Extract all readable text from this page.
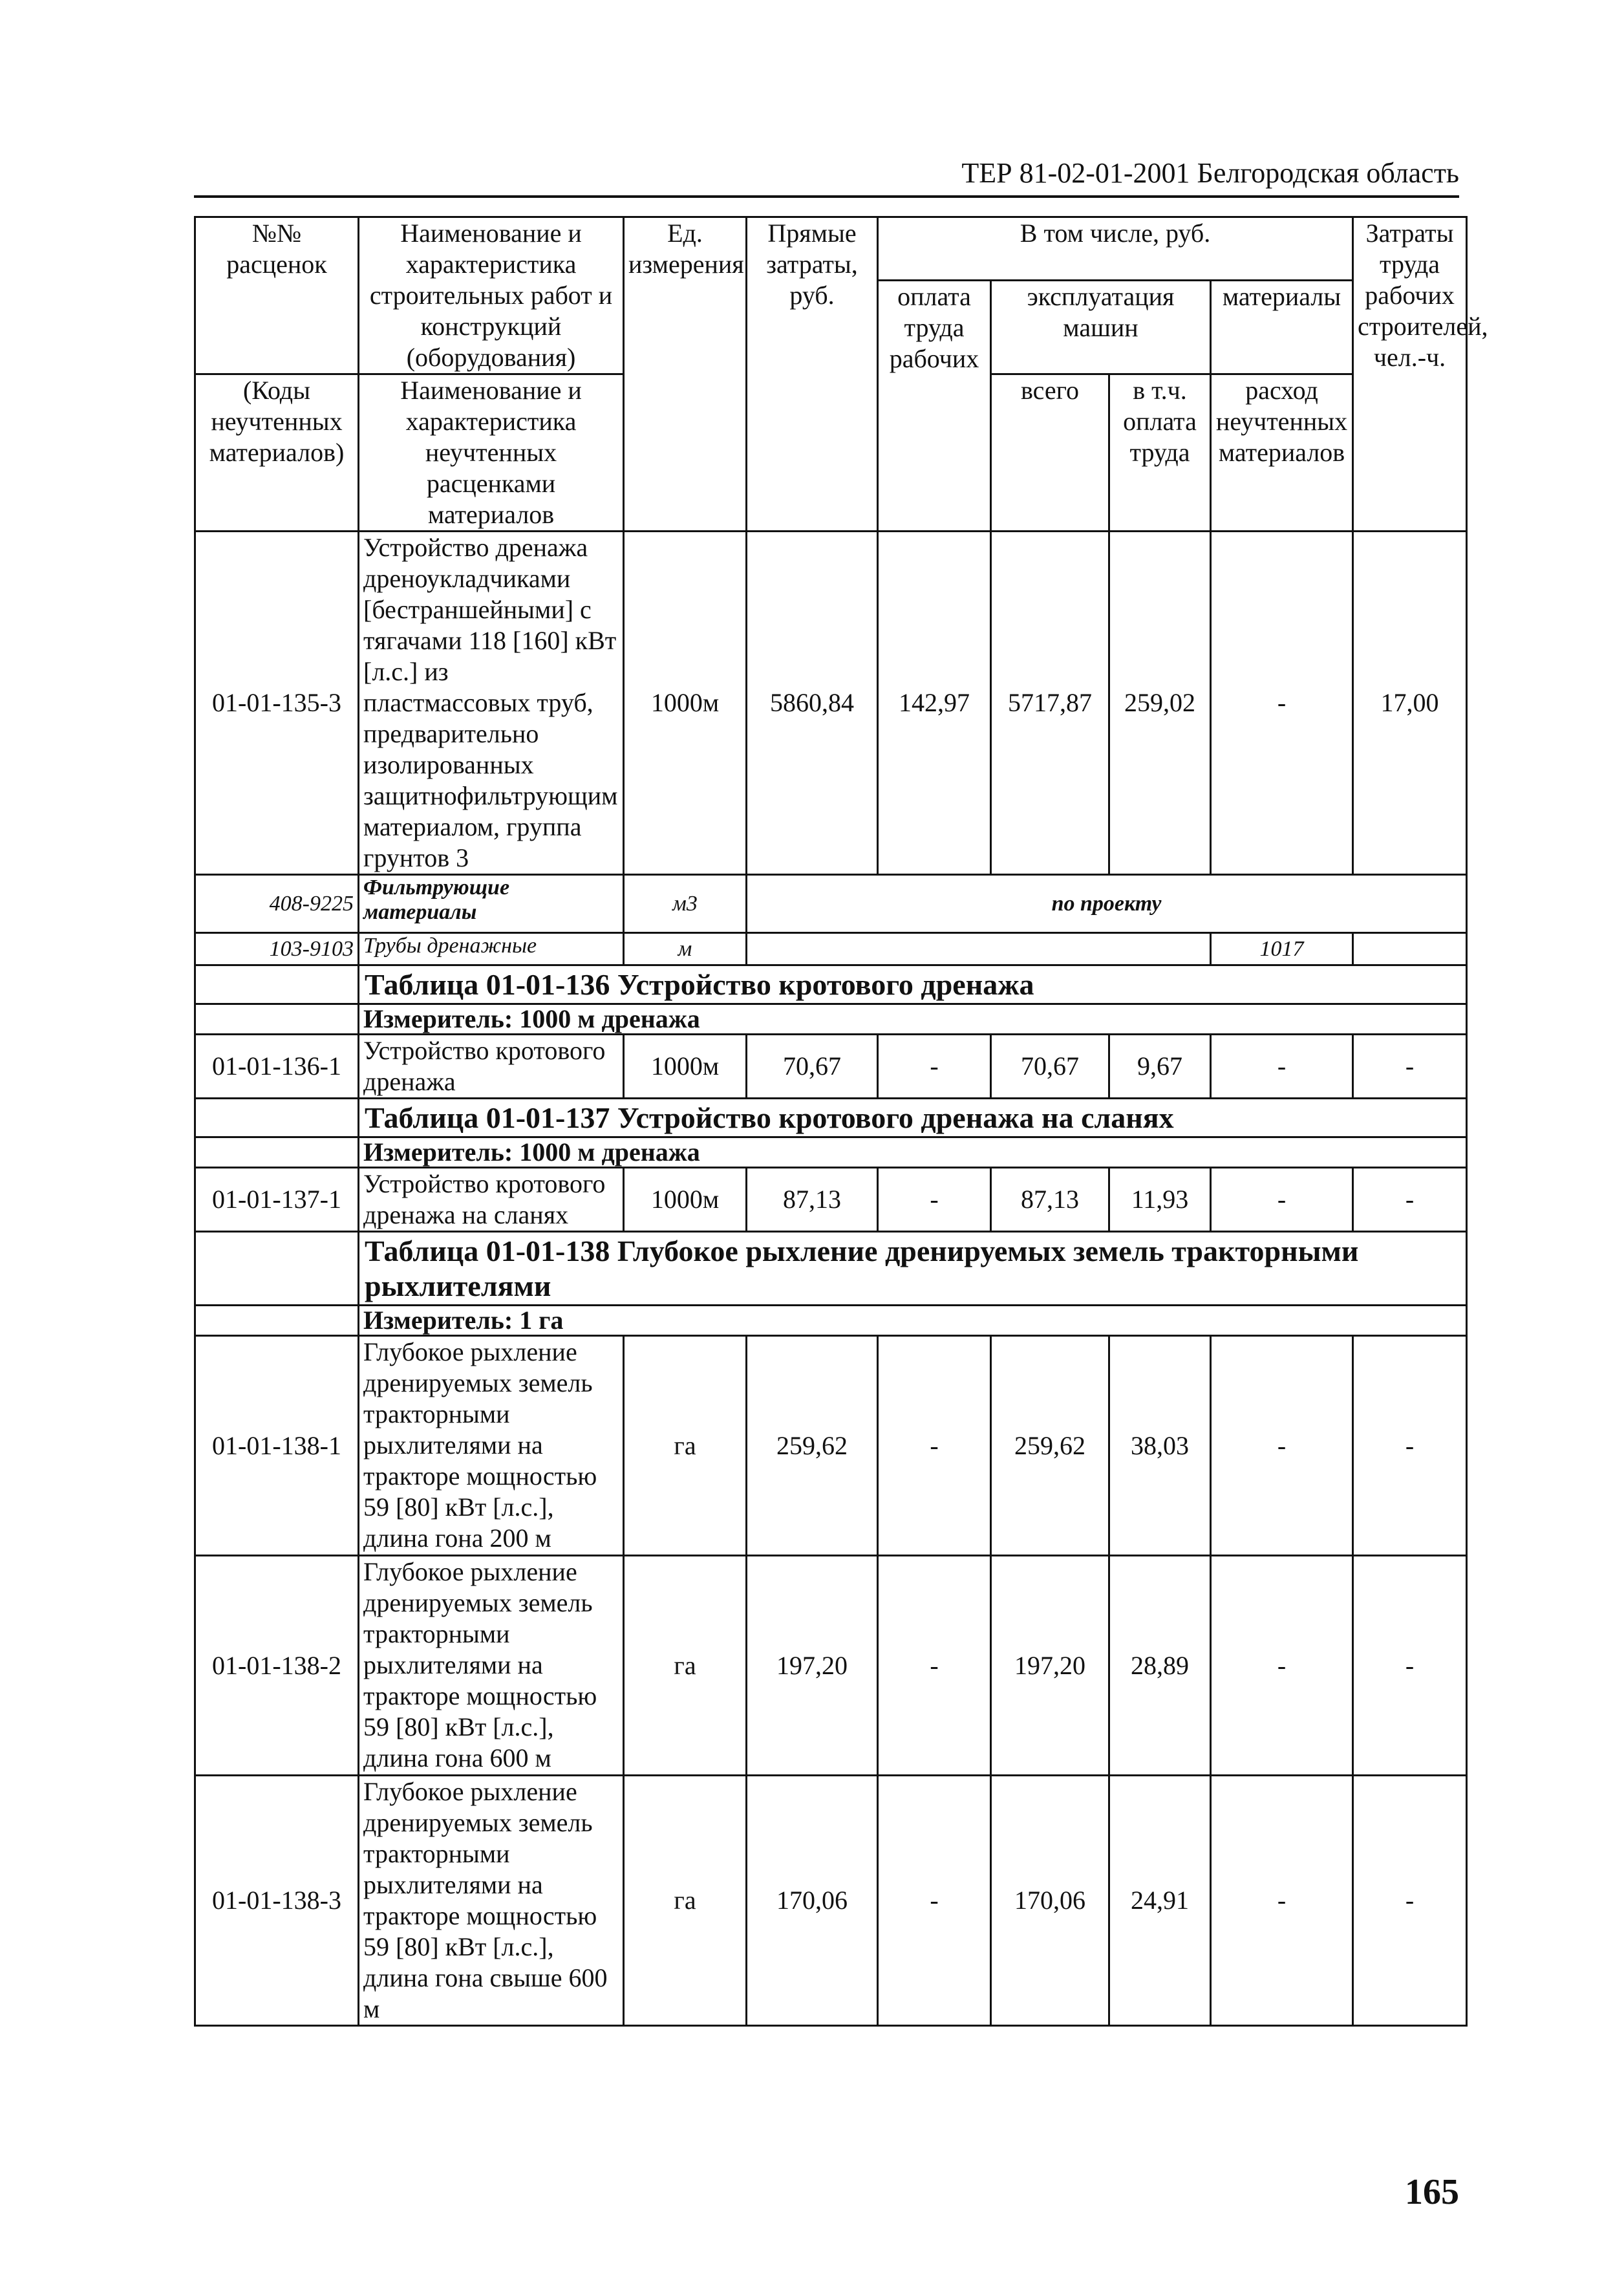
ТЕР 81-02-01-2001 Белгородская область
№№ расценок	Наименование и характеристика строительных работ и конструкций (оборудования)	Ед. измерения	Прямые затраты, руб.	В том числе, руб.				Затраты труда рабочих строителей, чел.-ч.
				оплата труда рабочих	эксплуатация машин		материалы	

(Коды неучтенных материалов)	Наименование и характеристика неучтенных расценками материалов				всего	в т.ч. оплата труда	расход неучтенных материалов	
01-01-135-3	Устройство дренажа дреноукладчиками [бестраншейными] с тягачами 118 [160] кВт [л.с.] из пластмассовых труб, предварительно изолированных защитнофильтрующим материалом, группа грунтов 3	1000м	5860,84	142,97	5717,87	259,02	-	17,00
408-9225	Фильтрующие материалы	м3	по проекту					
103-9103	Трубы дренажные	м					1017	
	Таблица 01-01-136 Устройство кротового дренажа							
	Измеритель: 1000 м дренажа							
01-01-136-1	Устройство кротового дренажа	1000м	70,67	-	70,67	9,67	-	-
	Таблица 01-01-137 Устройство кротового дренажа на сланях							
	Измеритель: 1000 м дренажа							
01-01-137-1	Устройство кротового дренажа на сланях	1000м	87,13	-	87,13	11,93	-	-
	Таблица 01-01-138 Глубокое рыхление дренируемых земель тракторными рыхлителями							
	Измеритель: 1 га							
01-01-138-1	Глубокое рыхление дренируемых земель тракторными рыхлителями на тракторе мощностью 59 [80] кВт [л.с.], длина гона 200 м	га	259,62	-	259,62	38,03	-	-
01-01-138-2	Глубокое рыхление дренируемых земель тракторными рыхлителями на тракторе мощностью 59 [80] кВт [л.с.], длина гона 600 м	га	197,20	-	197,20	28,89	-	-
01-01-138-3	Глубокое рыхление дренируемых земель тракторными рыхлителями на тракторе мощностью 59 [80] кВт [л.с.], длина гона свыше 600 м	га	170,06	-	170,06	24,91	-	-
165
